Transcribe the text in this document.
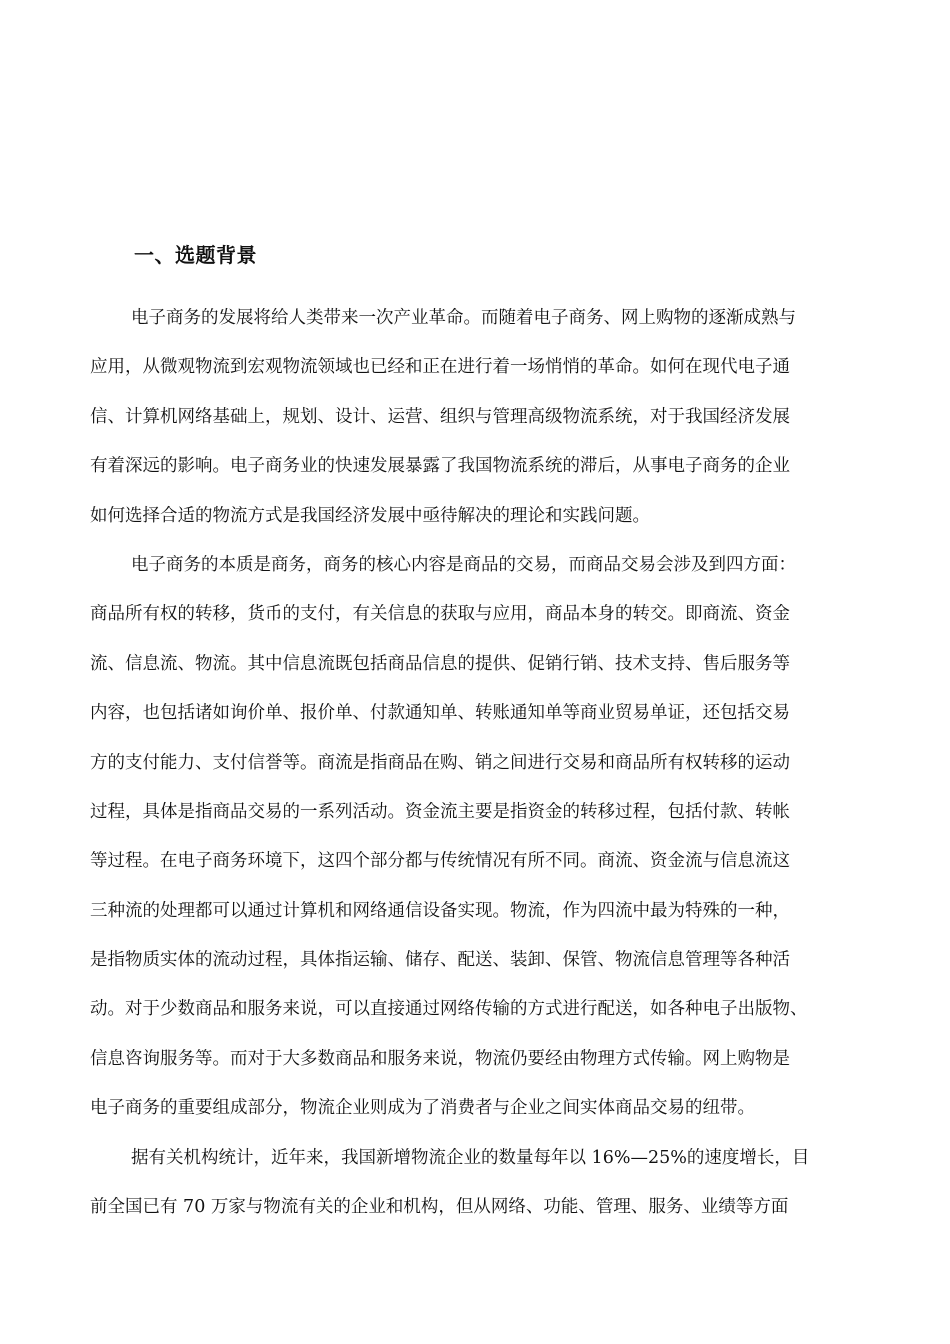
一、选题背景
电子商务的发展将给人类带来一次产业革命。而随着电子商务、网上购物的逐渐成熟与
应用，从微观物流到宏观物流领域也已经和正在进行着一场悄悄的革命。如何在现代电子通
信、计算机网络基础上，规划、设计、运营、组织与管理高级物流系统，对于我国经济发展
有着深远的影响。电子商务业的快速发展暴露了我国物流系统的滞后，从事电子商务的企业
如何选择合适的物流方式是我国经济发展中亟待解决的理论和实践问题。
电子商务的本质是商务，商务的核心内容是商品的交易，而商品交易会涉及到四方面：
商品所有权的转移，货币的支付，有关信息的获取与应用，商品本身的转交。即商流、资金
流、信息流、物流。其中信息流既包括商品信息的提供、促销行销、技术支持、售后服务等
内容，也包括诸如询价单、报价单、付款通知单、转账通知单等商业贸易单证，还包括交易
方的支付能力、支付信誉等。商流是指商品在购、销之间进行交易和商品所有权转移的运动
过程，具体是指商品交易的一系列活动。资金流主要是指资金的转移过程，包括付款、转帐
等过程。在电子商务环境下，这四个部分都与传统情况有所不同。商流、资金流与信息流这
三种流的处理都可以通过计算机和网络通信设备实现。物流，作为四流中最为特殊的一种，
是指物质实体的流动过程，具体指运输、储存、配送、装卸、保管、物流信息管理等各种活
动。对于少数商品和服务来说，可以直接通过网络传输的方式进行配送，如各种电子出版物、
信息咨询服务等。而对于大多数商品和服务来说，物流仍要经由物理方式传输。网上购物是
电子商务的重要组成部分，物流企业则成为了消费者与企业之间实体商品交易的纽带。
据有关机构统计，近年来，我国新增物流企业的数量每年以 16%—25%的速度增长，目
前全国已有 70 万家与物流有关的企业和机构，但从网络、功能、管理、服务、业绩等方面
